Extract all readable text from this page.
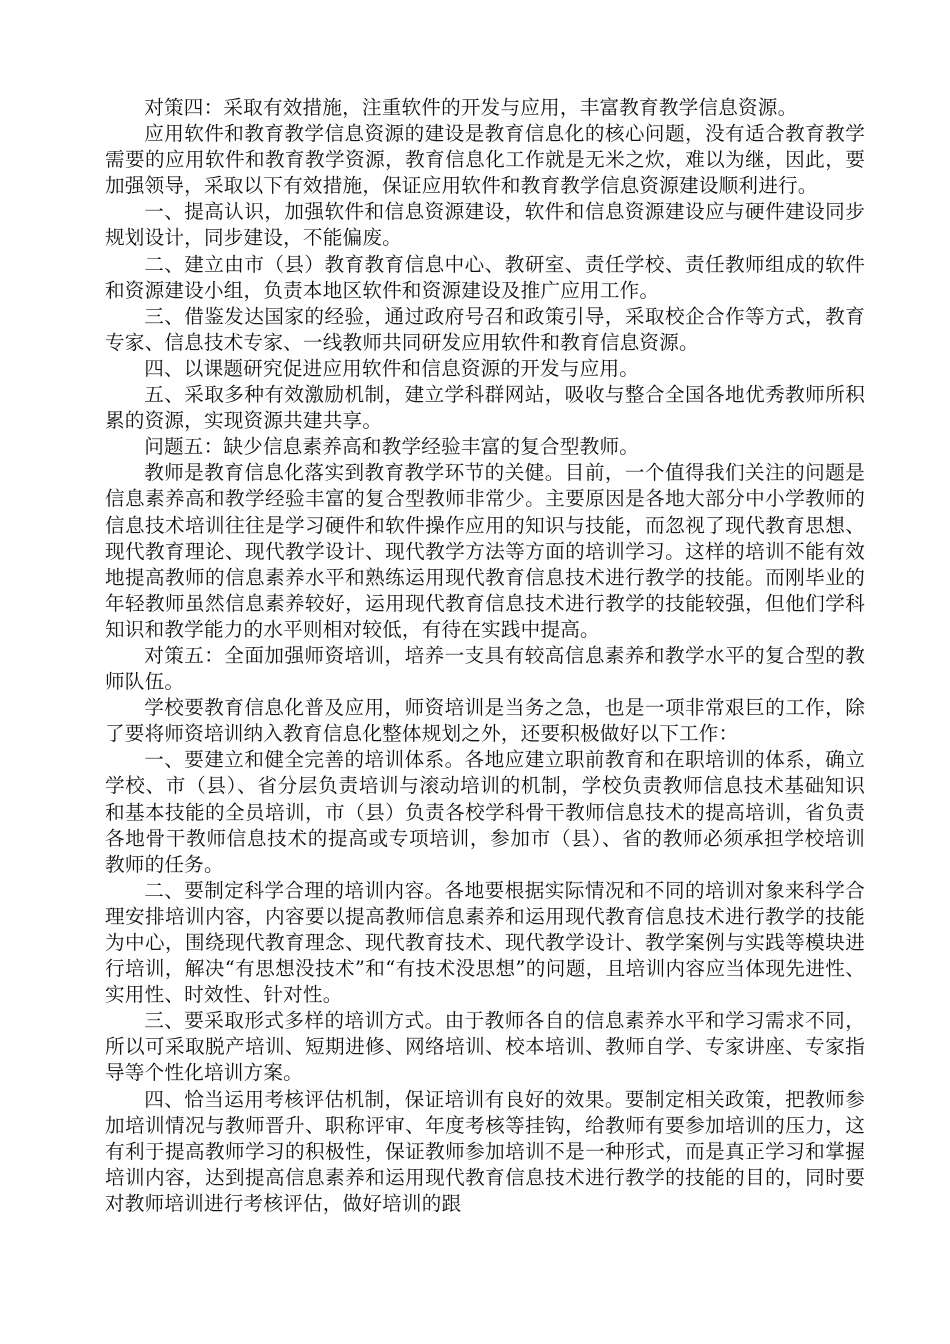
对策四：采取有效措施，注重软件的开发与应用，丰富教育教学信息资源。

应用软件和教育教学信息资源的建设是教育信息化的核心问题，没有适合教育教学需要的应用软件和教育教学资源，教育信息化工作就是无米之炊，难以为继，因此，要加强领导，采取以下有效措施，保证应用软件和教育教学信息资源建设顺利进行。

一、提高认识，加强软件和信息资源建设，软件和信息资源建设应与硬件建设同步规划设计，同步建设，不能偏废。

二、建立由市（县）教育教育信息中心、教研室、责任学校、责任教师组成的软件和资源建设小组，负责本地区软件和资源建设及推广应用工作。

三、借鉴发达国家的经验，通过政府号召和政策引导，采取校企合作等方式，教育专家、信息技术专家、一线教师共同研发应用软件和教育信息资源。

四、以课题研究促进应用软件和信息资源的开发与应用。

五、采取多种有效激励机制，建立学科群网站，吸收与整合全国各地优秀教师所积累的资源，实现资源共建共享。

问题五：缺少信息素养高和教学经验丰富的复合型教师。

教师是教育信息化落实到教育教学环节的关健。目前，一个值得我们关注的问题是信息素养高和教学经验丰富的复合型教师非常少。主要原因是各地大部分中小学教师的信息技术培训往往是学习硬件和软件操作应用的知识与技能，而忽视了现代教育思想、现代教育理论、现代教学设计、现代教学方法等方面的培训学习。这样的培训不能有效地提高教师的信息素养水平和熟练运用现代教育信息技术进行教学的技能。而刚毕业的年轻教师虽然信息素养较好，运用现代教育信息技术进行教学的技能较强，但他们学科知识和教学能力的水平则相对较低，有待在实践中提高。

对策五：全面加强师资培训，培养一支具有较高信息素养和教学水平的复合型的教师队伍。

学校要教育信息化普及应用，师资培训是当务之急，也是一项非常艰巨的工作，除了要将师资培训纳入教育信息化整体规划之外，还要积极做好以下工作：

一、要建立和健全完善的培训体系。各地应建立职前教育和在职培训的体系，确立学校、市（县）、省分层负责培训与滚动培训的机制，学校负责教师信息技术基础知识和基本技能的全员培训，市（县）负责各校学科骨干教师信息技术的提高培训，省负责各地骨干教师信息技术的提高或专项培训，参加市（县）、省的教师必须承担学校培训教师的任务。

二、要制定科学合理的培训内容。各地要根据实际情况和不同的培训对象来科学合理安排培训内容，内容要以提高教师信息素养和运用现代教育信息技术进行教学的技能为中心，围绕现代教育理念、现代教育技术、现代教学设计、教学案例与实践等模块进行培训，解决“有思想没技术”和“有技术没思想”的问题，且培训内容应当体现先进性、实用性、时效性、针对性。

三、要采取形式多样的培训方式。由于教师各自的信息素养水平和学习需求不同，所以可采取脱产培训、短期进修、网络培训、校本培训、教师自学、专家讲座、专家指导等个性化培训方案。

四、恰当运用考核评估机制，保证培训有良好的效果。要制定相关政策，把教师参加培训情况与教师晋升、职称评审、年度考核等挂钩，给教师有要参加培训的压力，这有利于提高教师学习的积极性，保证教师参加培训不是一种形式，而是真正学习和掌握培训内容，达到提高信息素养和运用现代教育信息技术进行教学的技能的目的，同时要对教师培训进行考核评估，做好培训的跟
